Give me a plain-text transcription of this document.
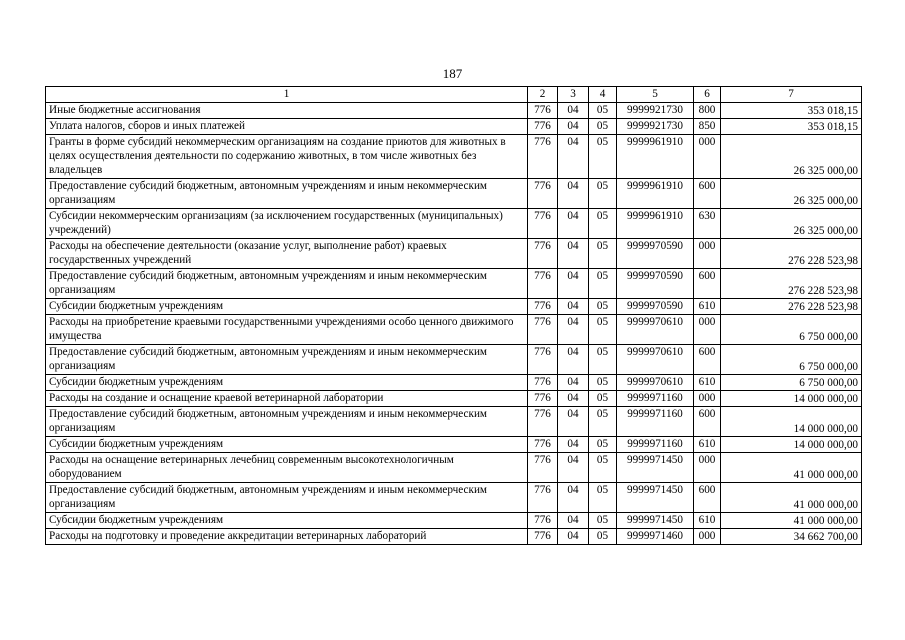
187
1	2	3	4	5	6	7
Иные бюджетные ассигнования	776	04	05	9999921730	800	353 018,15
Уплата налогов, сборов и иных платежей	776	04	05	9999921730	850	353 018,15
Гранты в форме субсидий некоммерческим организациям на создание приютов для животных в целях осуществления деятельности по содержанию животных, в том числе животных без владельцев	776	04	05	9999961910	000	26 325 000,00
Предоставление субсидий бюджетным, автономным учреждениям и иным некоммерческим организациям	776	04	05	9999961910	600	26 325 000,00
Субсидии некоммерческим организациям (за исключением государственных (муниципальных) учреждений)	776	04	05	9999961910	630	26 325 000,00
Расходы на обеспечение деятельности (оказание услуг, выполнение работ) краевых государственных учреждений	776	04	05	9999970590	000	276 228 523,98
Предоставление субсидий бюджетным, автономным учреждениям и иным некоммерческим организациям	776	04	05	9999970590	600	276 228 523,98
Субсидии бюджетным учреждениям	776	04	05	9999970590	610	276 228 523,98
Расходы на приобретение краевыми государственными учреждениями особо ценного движимого имущества	776	04	05	9999970610	000	6 750 000,00
Предоставление субсидий бюджетным, автономным учреждениям и иным некоммерческим организациям	776	04	05	9999970610	600	6 750 000,00
Субсидии бюджетным учреждениям	776	04	05	9999970610	610	6 750 000,00
Расходы на создание и оснащение краевой ветеринарной лаборатории	776	04	05	9999971160	000	14 000 000,00
Предоставление субсидий бюджетным, автономным учреждениям и иным некоммерческим организациям	776	04	05	9999971160	600	14 000 000,00
Субсидии бюджетным учреждениям	776	04	05	9999971160	610	14 000 000,00
Расходы на оснащение ветеринарных лечебниц современным высокотехнологичным оборудованием	776	04	05	9999971450	000	41 000 000,00
Предоставление субсидий бюджетным, автономным учреждениям и иным некоммерческим организациям	776	04	05	9999971450	600	41 000 000,00
Субсидии бюджетным учреждениям	776	04	05	9999971450	610	41 000 000,00
Расходы на подготовку и проведение аккредитации ветеринарных лабораторий	776	04	05	9999971460	000	34 662 700,00
